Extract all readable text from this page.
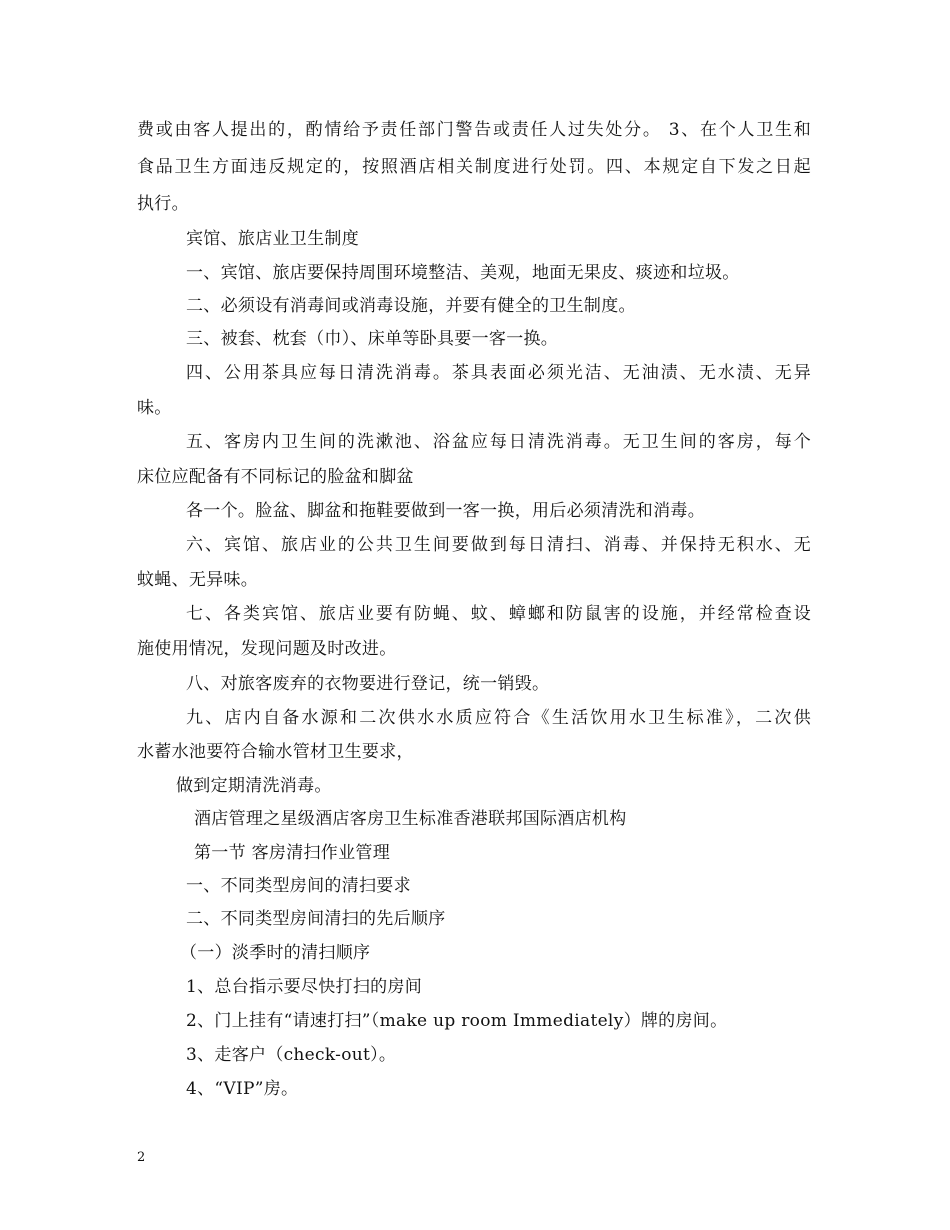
费或由客人提出的，酌情给予责任部门警告或责任人过失处分。 3、在个人卫生和
食品卫生方面违反规定的，按照酒店相关制度进行处罚。四、本规定自下发之日起
执行。
宾馆、旅店业卫生制度
一、宾馆、旅店要保持周围环境整洁、美观，地面无果皮、痰迹和垃圾。
二、必须设有消毒间或消毒设施，并要有健全的卫生制度。
三、被套、枕套（巾）、床单等卧具要一客一换。
四、公用茶具应每日清洗消毒。茶具表面必须光洁、无油渍、无水渍、无异
味。
五、客房内卫生间的洗漱池、浴盆应每日清洗消毒。无卫生间的客房，每个
床位应配备有不同标记的脸盆和脚盆
各一个。脸盆、脚盆和拖鞋要做到一客一换，用后必须清洗和消毒。
六、宾馆、旅店业的公共卫生间要做到每日清扫、消毒、并保持无积水、无
蚊蝇、无异味。
七、各类宾馆、旅店业要有防蝇、蚊、蟑螂和防鼠害的设施，并经常检查设
施使用情况，发现问题及时改进。
八、对旅客废弃的衣物要进行登记，统一销毁。
九、店内自备水源和二次供水水质应符合《生活饮用水卫生标准》，二次供
水蓄水池要符合输水管材卫生要求，
做到定期清洗消毒。
酒店管理之星级酒店客房卫生标准香港联邦国际酒店机构
第一节 客房清扫作业管理
一、不同类型房间的清扫要求
二、不同类型房间清扫的先后顺序
（一）淡季时的清扫顺序
1、总台指示要尽快打扫的房间
2、门上挂有“请速打扫”（make up room Immediately）牌的房间。
3、走客户（check-out）。
4、“VIP”房。
2
